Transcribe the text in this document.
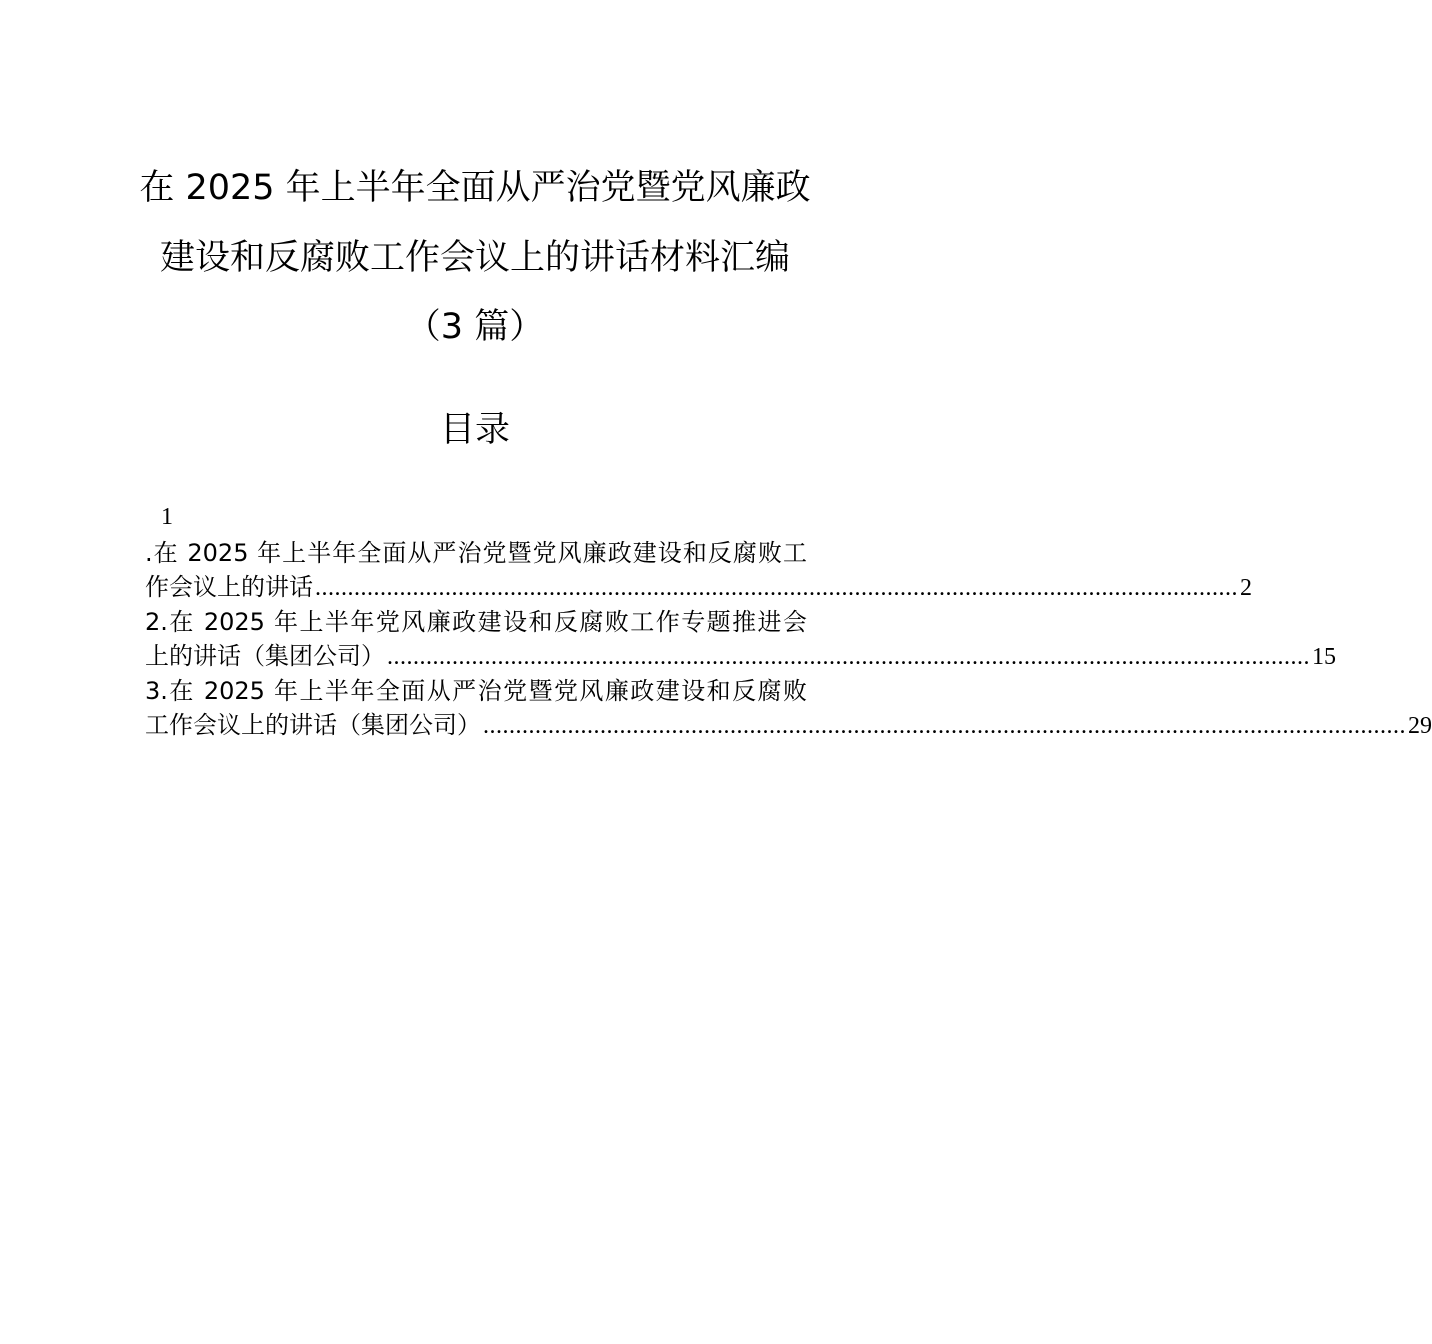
在 2025 年上半年全面从严治党暨党风廉政
建设和反腐败工作会议上的讲话材料汇编
（3 篇）
目录
1
.在 2025 年上半年全面从严治党暨党风廉政建设和反腐败工
作会议上的讲话 .............................................................................................................................................. 2
2.在 2025 年上半年党风廉政建设和反腐败工作专题推进会
上的讲话（集团公司） .............................................................................................................................................. 15
3.在 2025 年上半年全面从严治党暨党风廉政建设和反腐败
工作会议上的讲话（集团公司） .............................................................................................................................................. 29
